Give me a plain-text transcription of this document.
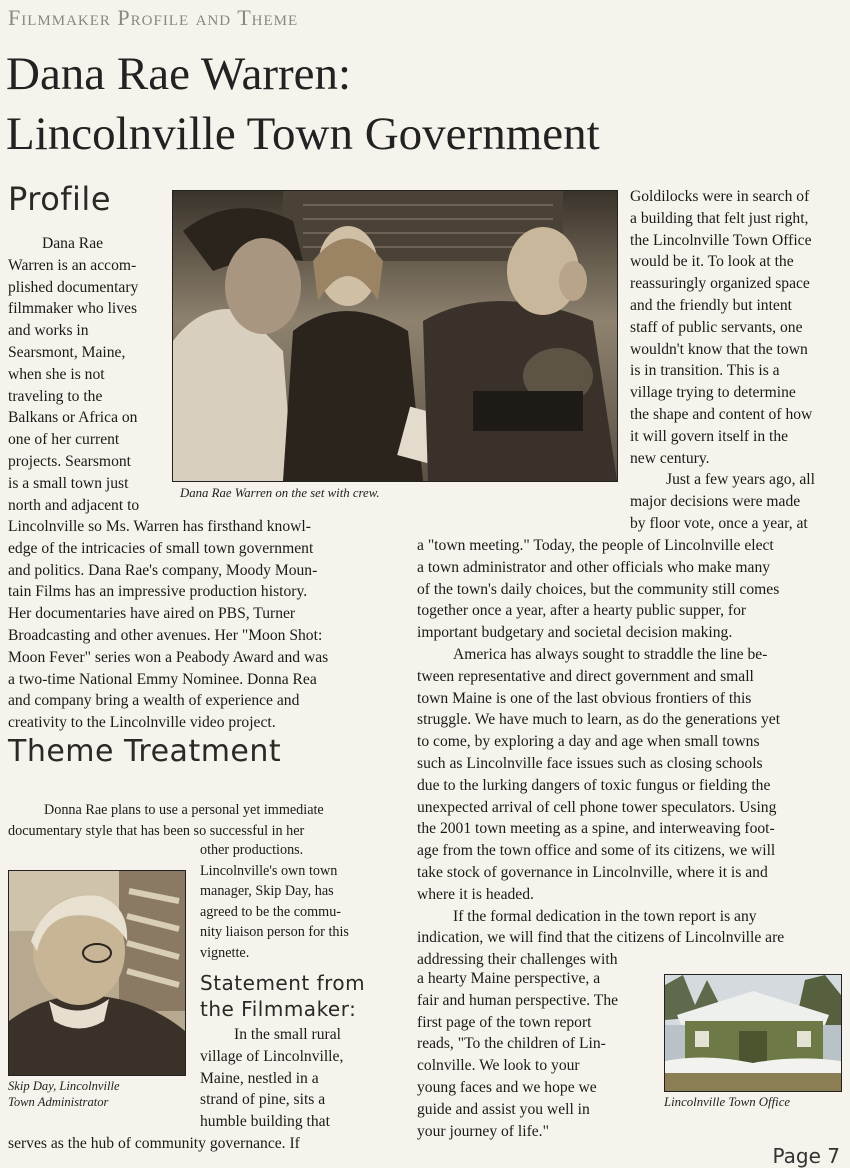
Filmmaker Profile and Theme
Dana Rae Warren:
Lincolnville Town Government
Profile
Dana Rae Warren on the set with crew.
Dana Rae
Warren is an accom-
plished documentary
filmmaker who lives
and works in
Searsmont, Maine,
when she is not
traveling to the
Balkans or Africa on
one of her current
projects. Searsmont
is a small town just
north and adjacent to
Lincolnville so Ms. Warren has firsthand knowl-
edge of the intricacies of small town government
and politics. Dana Rae's company, Moody Moun-
tain Films has an impressive production history.
Her documentaries have aired on PBS, Turner
Broadcasting and other avenues. Her "Moon Shot:
Moon Fever" series won a Peabody Award and was
a two-time National Emmy Nominee. Donna Rea
and company bring a wealth of experience and
creativity to the Lincolnville video project.
Theme Treatment
Donna Rae plans to use a personal yet immediate
documentary style that has been so successful in her
other productions.
Lincolnville's own town
manager, Skip Day, has
agreed to be the commu-
nity liaison person for this
vignette.
Skip Day, Lincolnville
Town Administrator
Statement from
the Filmmaker:
In the small rural
village of Lincolnville,
Maine, nestled in a
strand of pine, sits a
humble building that
serves as the hub of community governance. If
Goldilocks were in search of
a building that felt just right,
the Lincolnville Town Office
would be it. To look at the
reassuringly organized space
and the friendly but intent
staff of public servants, one
wouldn't know that the town
is in transition. This is a
village trying to determine
the shape and content of how
it will govern itself in the
new century.
Just a few years ago, all
major decisions were made
by floor vote, once a year, at
a "town meeting." Today, the people of Lincolnville elect
a town administrator and other officials who make many
of the town's daily choices, but the community still comes
together once a year, after a hearty public supper, for
important budgetary and societal decision making.
America has always sought to straddle the line be-
tween representative and direct government and small
town Maine is one of the last obvious frontiers of this
struggle. We have much to learn, as do the generations yet
to come, by exploring a day and age when small towns
such as Lincolnville face issues such as closing schools
due to the lurking dangers of toxic fungus or fielding the
unexpected arrival of cell phone tower speculators. Using
the 2001 town meeting as a spine, and interweaving foot-
age from the town office and some of its citizens, we will
take stock of governance in Lincolnville, where it is and
where it is headed.
If the formal dedication in the town report is any
indication, we will find that the citizens of Lincolnville are
addressing their challenges with
a hearty Maine perspective, a
fair and human perspective. The
first page of the town report
reads, "To the children of Lin-
colnville. We look to your
young faces and we hope we
guide and assist you well in
your journey of life."
Lincolnville Town Office
Page 7
